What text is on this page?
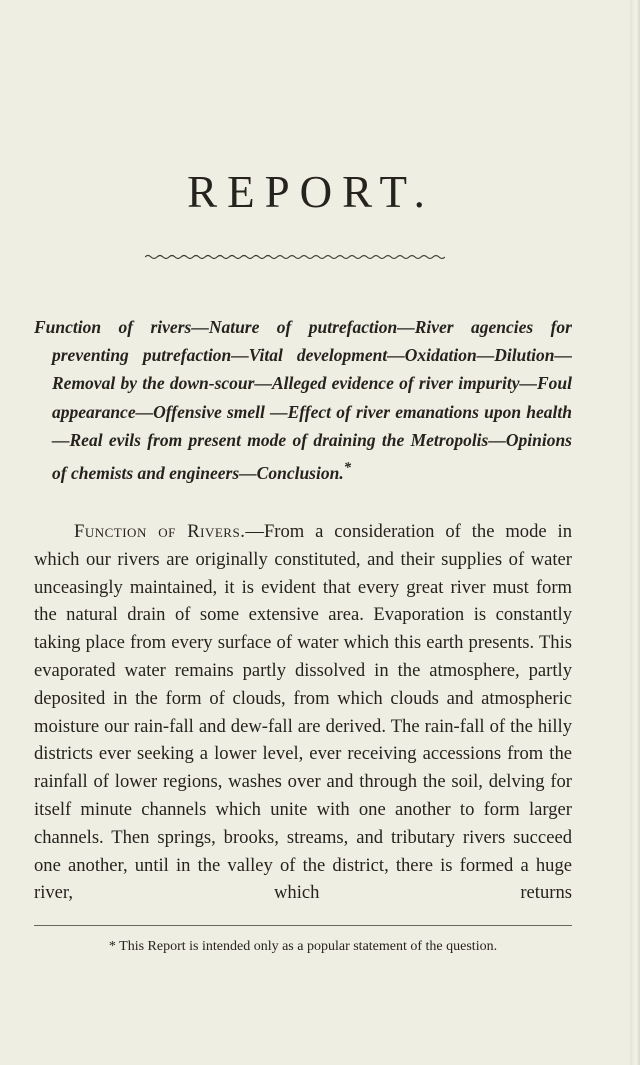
REPORT.

Function of rivers—Nature of putrefaction—River agencies for preventing putrefaction—Vital development—Oxidation—Dilution—Removal by the down-scour—Alleged evidence of river impurity—Foul appearance—Offensive smell —Effect of river emanations upon health—Real evils from present mode of draining the Metropolis—Opinions of chemists and engineers—Conclusion.*

Function of Rivers.—From a consideration of the mode in which our rivers are originally constituted, and their supplies of water unceasingly maintained, it is evident that every great river must form the natural drain of some extensive area. Evaporation is constantly taking place from every surface of water which this earth presents. This evaporated water remains partly dissolved in the atmosphere, partly deposited in the form of clouds, from which clouds and atmospheric moisture our rain-fall and dew-fall are derived. The rain-fall of the hilly districts ever seeking a lower level, ever receiving accessions from the rainfall of lower regions, washes over and through the soil, delving for itself minute channels which unite with one another to form larger channels. Then springs, brooks, streams, and tributary rivers succeed one another, until in the valley of the district, there is formed a huge river, which returns

* This Report is intended only as a popular statement of the question.
